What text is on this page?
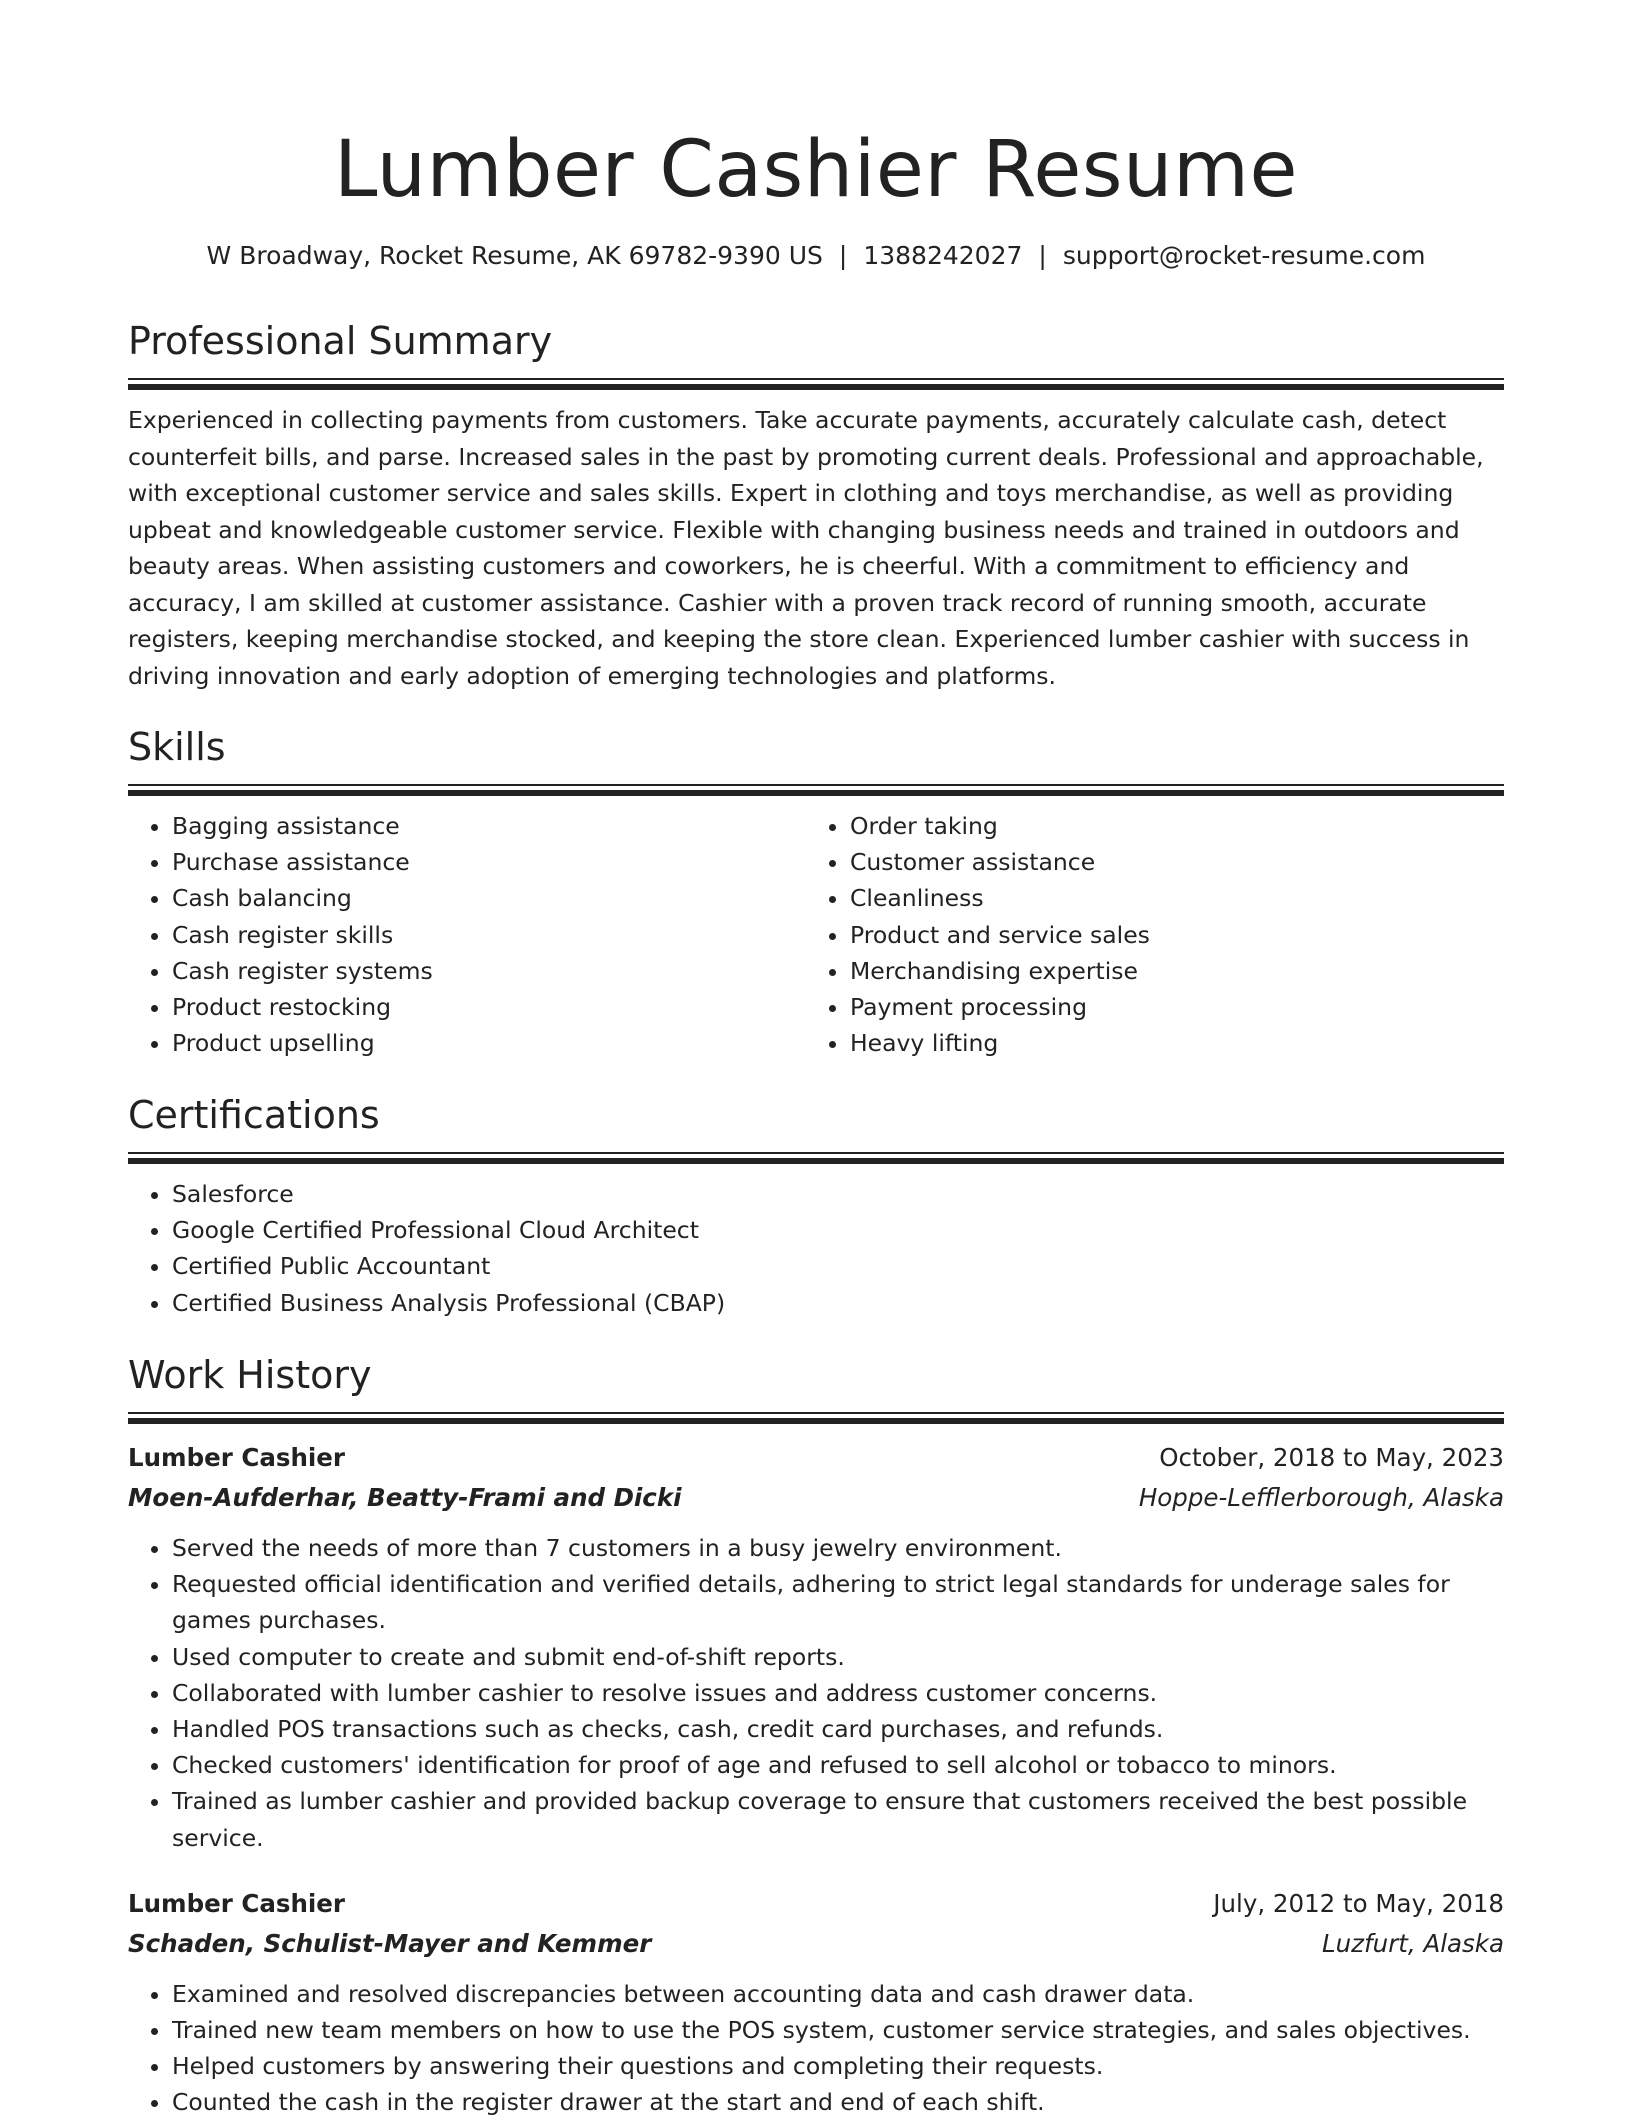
Lumber Cashier Resume
W Broadway, Rocket Resume, AK 69782-9390 US | 1388242027 | support@rocket-resume.com
Professional Summary

Experienced in collecting payments from customers. Take accurate payments, accurately calculate cash, detect counterfeit bills, and parse. Increased sales in the past by promoting current deals. Professional and approachable, with exceptional customer service and sales skills. Expert in clothing and toys merchandise, as well as providing upbeat and knowledgeable customer service. Flexible with changing business needs and trained in outdoors and beauty areas. When assisting customers and coworkers, he is cheerful. With a commitment to efficiency and accuracy, I am skilled at customer assistance. Cashier with a proven track record of running smooth, accurate registers, keeping merchandise stocked, and keeping the store clean. Experienced lumber cashier with success in driving innovation and early adoption of emerging technologies and platforms.

Skills
• Bagging assistance
• Purchase assistance
• Cash balancing
• Cash register skills
• Cash register systems
• Product restocking
• Product upselling
• Order taking
• Customer assistance
• Cleanliness
• Product and service sales
• Merchandising expertise
• Payment processing
• Heavy lifting
Certifications
• Salesforce
• Google Certified Professional Cloud Architect
• Certified Public Accountant
• Certified Business Analysis Professional (CBAP)
Work History
Lumber Cashier	October, 2018 to May, 2023
Moen-Aufderhar, Beatty-Frami and Dicki	Hoppe-Lefflerborough, Alaska
• Served the needs of more than 7 customers in a busy jewelry environment.
• Requested official identification and verified details, adhering to strict legal standards for underage sales for games purchases.
• Used computer to create and submit end-of-shift reports.
• Collaborated with lumber cashier to resolve issues and address customer concerns.
• Handled POS transactions such as checks, cash, credit card purchases, and refunds.
• Checked customers' identification for proof of age and refused to sell alcohol or tobacco to minors.
• Trained as lumber cashier and provided backup coverage to ensure that customers received the best possible service.
Lumber Cashier	July, 2012 to May, 2018
Schaden, Schulist-Mayer and Kemmer	Luzfurt, Alaska
• Examined and resolved discrepancies between accounting data and cash drawer data.
• Trained new team members on how to use the POS system, customer service strategies, and sales objectives.
• Helped customers by answering their questions and completing their requests.
• Counted the cash in the register drawer at the start and end of each shift.
